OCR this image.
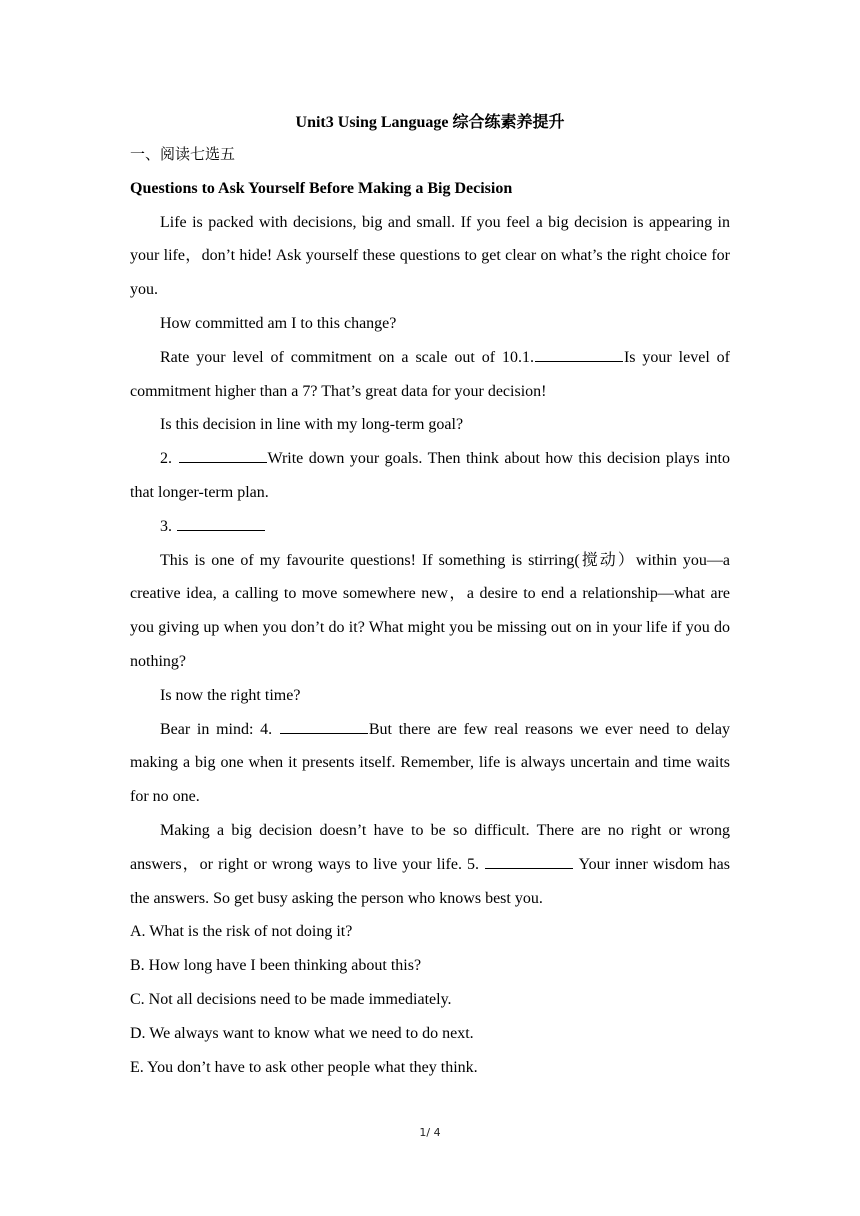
Unit3 Using Language 综合练素养提升

一、阅读七选五

Questions to Ask Yourself Before Making a Big Decision

Life is packed with decisions, big and small. If you feel a big decision is appearing in your life，don’t hide! Ask yourself these questions to get clear on what’s the right choice for you.

How committed am I to this change?

Rate your level of commitment on a scale out of 10.1.	Is your level of commitment higher than a 7? That’s great data for your decision!

Is this decision in line with my long-term goal?

2.	Write down your goals. Then think about how this decision plays into that longer-term plan.

3.

This is one of my favourite questions! If something is stirring(搅动）within you—a creative idea, a calling to move somewhere new，a desire to end a relationship—what are you giving up when you don’t do it? What might you be missing out on in your life if you do nothing?

Is now the right time?

Bear in mind: 4.	But there are few real reasons we ever need to delay making a big one when it presents itself. Remember, life is always uncertain and time waits for no one.

Making a big decision doesn’t have to be so difficult. There are no right or wrong answers，or right or wrong ways to live your life. 5.	Your inner wisdom has the answers. So get busy asking the person who knows best you.

A. What is the risk of not doing it?

B. How long have I been thinking about this?

C. Not all decisions need to be made immediately.

D. We always want to know what we need to do next.

E. You don’t have to ask other people what they think.

1/ 4
